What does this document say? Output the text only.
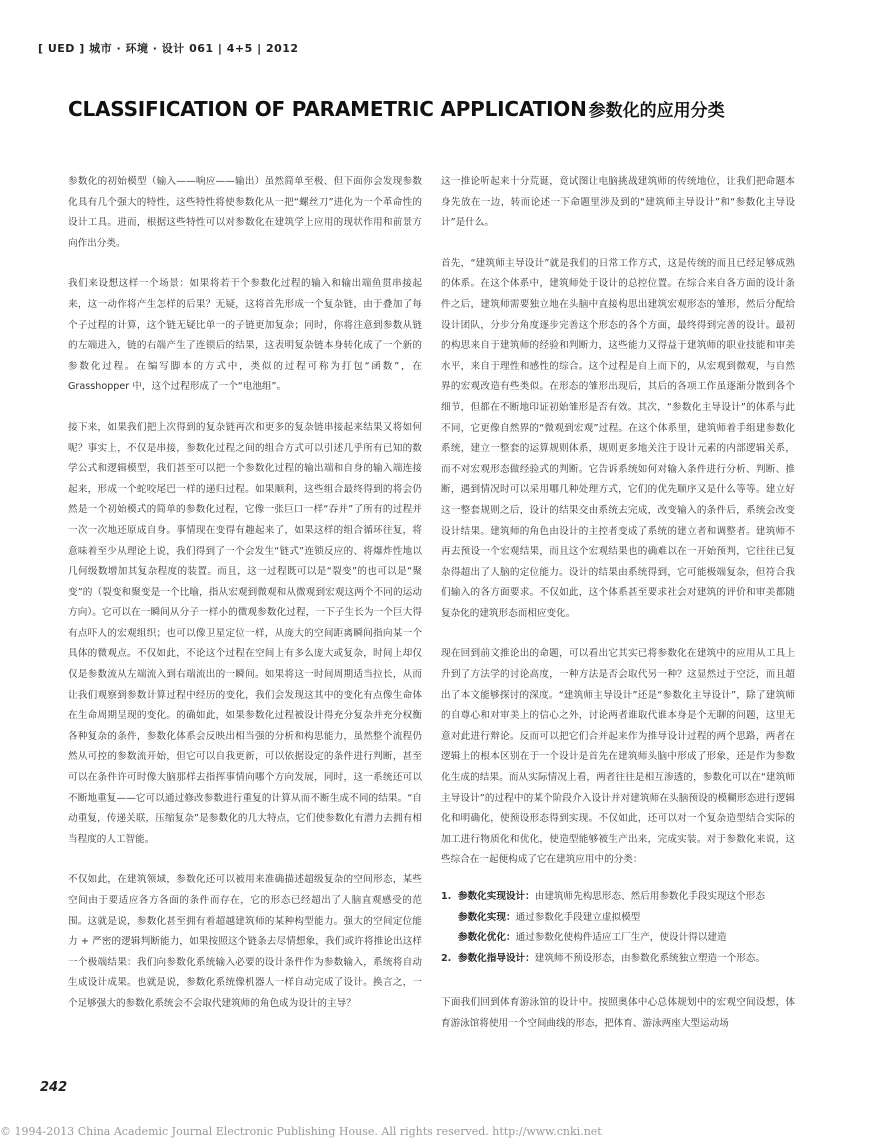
[ UED ] 城市 · 环境 · 设计 061 | 4+5 | 2012
CLASSIFICATION OF PARAMETRIC APPLICATION 参数化的应用分类

参数化的初始模型（输入——响应——输出）虽然简单至极、但下面你会发现参数化具有几个强大的特性，这些特性将使参数化从一把“螺丝刀”进化为一个革命性的设计工具。进而，根据这些特性可以对参数化在建筑学上应用的现状作用和前景方向作出分类。

我们来设想这样一个场景：如果将若干个参数化过程的输入和输出端鱼贯串接起来，这一动作将产生怎样的后果？无疑，这将首先形成一个复杂链，由于叠加了每个子过程的计算，这个链无疑比单一的子链更加复杂；同时，你将注意到参数从链的左端进入，链的右端产生了连锁后的结果，这表明复杂链本身转化成了一个新的参数化过程。在编写脚本的方式中，类似的过程可称为打包“函数”，在 Grasshopper 中，这个过程形成了一个“电池组”。

接下来，如果我们把上次得到的复杂链再次和更多的复杂链串接起来结果又将如何呢？事实上，不仅是串接，参数化过程之间的组合方式可以引述几乎所有已知的数学公式和逻辑模型，我们甚至可以把一个参数化过程的输出端和自身的输入端连接起来，形成一个蛇咬尾巴一样的递归过程。如果顺利，这些组合最终得到的将会仍然是一个初始模式的简单的参数化过程，它像一张巨口一样“吞并”了所有的过程并一次一次地还原成自身。事情现在变得有趣起来了，如果这样的组合循环往复，将意味着至少从理论上说，我们得到了一个会发生“链式”连锁反应的、将爆炸性地以几何级数增加其复杂程度的装置。而且，这一过程既可以是“裂变”的也可以是“聚变”的（裂变和聚变是一个比喻，指从宏观到微观和从微观到宏观这两个不同的运动方向）。它可以在一瞬间从分子一样小的微观参数化过程，一下子生长为一个巨大得有点吓人的宏观组织；也可以像卫星定位一样，从庞大的空间距离瞬间指向某一个具体的微观点。不仅如此，不论这个过程在空间上有多么庞大或复杂，时间上却仅仅是参数流从左端流入到右端流出的一瞬间。如果将这一时间周期适当拉长，从而让我们观察到参数计算过程中经历的变化，我们会发现这其中的变化有点像生命体在生命周期呈现的变化。的确如此，如果参数化过程被设计得充分复杂并充分权衡各种复杂的条件，参数化体系会反映出相当强的分析和构思能力，虽然整个流程仍然从可控的参数流开始，但它可以自我更新，可以依据设定的条件进行判断，甚至可以在条件许可时像大脑那样去指挥事情向哪个方向发展，同时，这一系统还可以不断地重复——它可以通过修改参数进行重复的计算从而不断生成不同的结果。“自动重复，传递关联，压缩复杂”是参数化的几大特点，它们使参数化有潜力去拥有相当程度的人工智能。

不仅如此，在建筑领域，参数化还可以被用来准确描述超级复杂的空间形态，某些空间由于要适应各方各面的条件而存在，它的形态已经超出了人脑直观感受的范围。这就是说，参数化甚至拥有着超越建筑师的某种构型能力。强大的空间定位能力 + 严密的逻辑判断能力，如果按照这个链条去尽情想象，我们或许将推论出这样一个极端结果：我们向参数化系统输入必要的设计条件作为参数输入，系统将自动生成设计成果。也就是说，参数化系统像机器人一样自动完成了设计。换言之，一个足够强大的参数化系统会不会取代建筑师的角色成为设计的主导？

这一推论听起来十分荒诞，竟试图让电脑挑战建筑师的传统地位，让我们把命题本身先放在一边，转而论述一下命题里涉及到的“建筑师主导设计”和“参数化主导设计”是什么。

首先，“建筑师主导设计”就是我们的日常工作方式，这是传统的而且已经足够成熟的体系。在这个体系中，建筑师处于设计的总控位置。在综合来自各方面的设计条件之后，建筑师需要独立地在头脑中直接构思出建筑宏观形态的雏形，然后分配给设计团队，分步分角度逐步完善这个形态的各个方面，最终得到完善的设计。最初的构思来自于建筑师的经验和判断力，这些能力又得益于建筑师的职业技能和审美水平，来自于理性和感性的综合。这个过程是自上而下的，从宏观到微观，与自然界的宏观改造有些类似。在形态的雏形出现后，其后的各项工作虽逐渐分散到各个细节，但都在不断地印证初始雏形是否有效。其次，“参数化主导设计”的体系与此不同，它更像自然界的“微观到宏观”过程。在这个体系里，建筑师着手组建参数化系统，建立一整套的运算规则体系，规则更多地关注于设计元素的内部逻辑关系，而不对宏观形态做经验式的判断。它告诉系统如何对输入条件进行分析、判断、推断，遇到情况时可以采用哪几种处理方式，它们的优先顺序又是什么等等。建立好这一整套规则之后，设计的结果交由系统去完成，改变输入的条件后，系统会改变设计结果。建筑师的角色由设计的主控者变成了系统的建立者和调整者。建筑师不再去预设一个宏观结果，而且这个宏观结果也的确难以在一开始预判，它往往已复杂得超出了人脑的定位能力。设计的结果由系统得到，它可能极端复杂，但符合我们输入的各方面要求。不仅如此，这个体系甚至要求社会对建筑的评价和审美都随复杂化的建筑形态而相应变化。

现在回到前文推论出的命题，可以看出它其实已将参数化在建筑中的应用从工具上升到了方法学的讨论高度，一种方法是否会取代另一种？这显然过于空泛，而且超出了本文能够探讨的深度。“建筑师主导设计”还是“参数化主导设计”，除了建筑师的自尊心和对审美上的信心之外，讨论两者谁取代谁本身是个无聊的问题，这里无意对此进行辩论。反而可以把它们合并起来作为推导设计过程的两个思路，两者在逻辑上的根本区别在于一个设计是首先在建筑师头脑中形成了形象，还是作为参数化生成的结果。而从实际情况上看，两者往往是相互渗透的，参数化可以在“建筑师主导设计”的过程中的某个阶段介入设计并对建筑师在头脑预设的模糊形态进行逻辑化和明确化，使预设形态得到实现。不仅如此，还可以对一个复杂造型结合实际的加工进行物质化和优化，使造型能够被生产出来，完成实装。对于参数化来说，这些综合在一起便构成了它在建筑应用中的分类：

1. 参数化实现设计：由建筑师先构思形态、然后用参数化手段实现这个形态
参数化实现：通过参数化手段建立虚拟模型
参数化优化：通过参数化使构件适应工厂生产，使设计得以建造
2. 参数化指导设计：建筑师不预设形态，由参数化系统独立塑造一个形态。

下面我们回到体育游泳馆的设计中。按照奥体中心总体规划中的宏观空间设想，体育游泳馆将使用一个空间曲线的形态，把体育、游泳两座大型运动场

242
© 1994-2013 China Academic Journal Electronic Publishing House. All rights reserved. http://www.cnki.net
